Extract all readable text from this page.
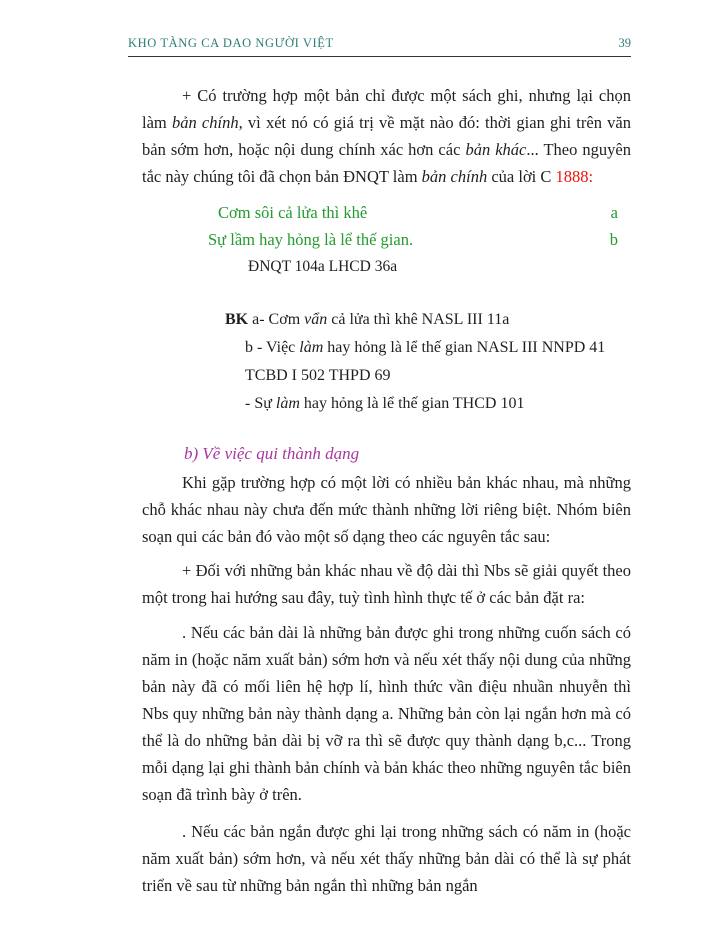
KHO TÀNG CA DAO NGƯỜI VIỆT	39

+ Có trường hợp một bản chỉ được một sách ghi, nhưng lại chọn làm bản chính, vì xét nó có giá trị về mặt nào đó: thời gian ghi trên văn bản sớm hơn, hoặc nội dung chính xác hơn các bản khác... Theo nguyên tắc này chúng tôi đã chọn bản ĐNQT làm bản chính của lời C 1888:

Cơm sôi cả lửa thì khê	a
Sự lầm hay hỏng là lể thế gian.	b
ĐNQT 104a LHCD 36a
BK a- Cơm vẩn cả lửa thì khê NASL III 11a
b - Việc làm hay hỏng là lể thế gian NASL III NNPD 41
TCBD I 502 THPD 69
- Sự làm hay hỏng là lể thế gian THCD 101
b) Về việc qui thành dạng

Khi gặp trường hợp có một lời có nhiều bản khác nhau, mà những chỗ khác nhau này chưa đến mức thành những lời riêng biệt. Nhóm biên soạn qui các bản đó vào một số dạng theo các nguyên tắc sau:

+ Đối với những bản khác nhau về độ dài thì Nbs sẽ giải quyết theo một trong hai hướng sau đây, tuỳ tình hình thực tế ở các bản đặt ra:

. Nếu các bản dài là những bản được ghi trong những cuốn sách có năm in (hoặc năm xuất bản) sớm hơn và nếu xét thấy nội dung của những bản này đã có mối liên hệ hợp lí, hình thức vần điệu nhuần nhuyễn thì Nbs quy những bản này thành dạng a. Những bản còn lại ngắn hơn mà có thể là do những bản dài bị vỡ ra thì sẽ được quy thành dạng b,c... Trong mỗi dạng lại ghi thành bản chính và bản khác theo những nguyên tắc biên soạn đã trình bày ở trên.

. Nếu các bản ngắn được ghi lại trong những sách có năm in (hoặc năm xuất bản) sớm hơn, và nếu xét thấy những bản dài có thể là sự phát triển về sau từ những bản ngắn thì những bản ngắn
